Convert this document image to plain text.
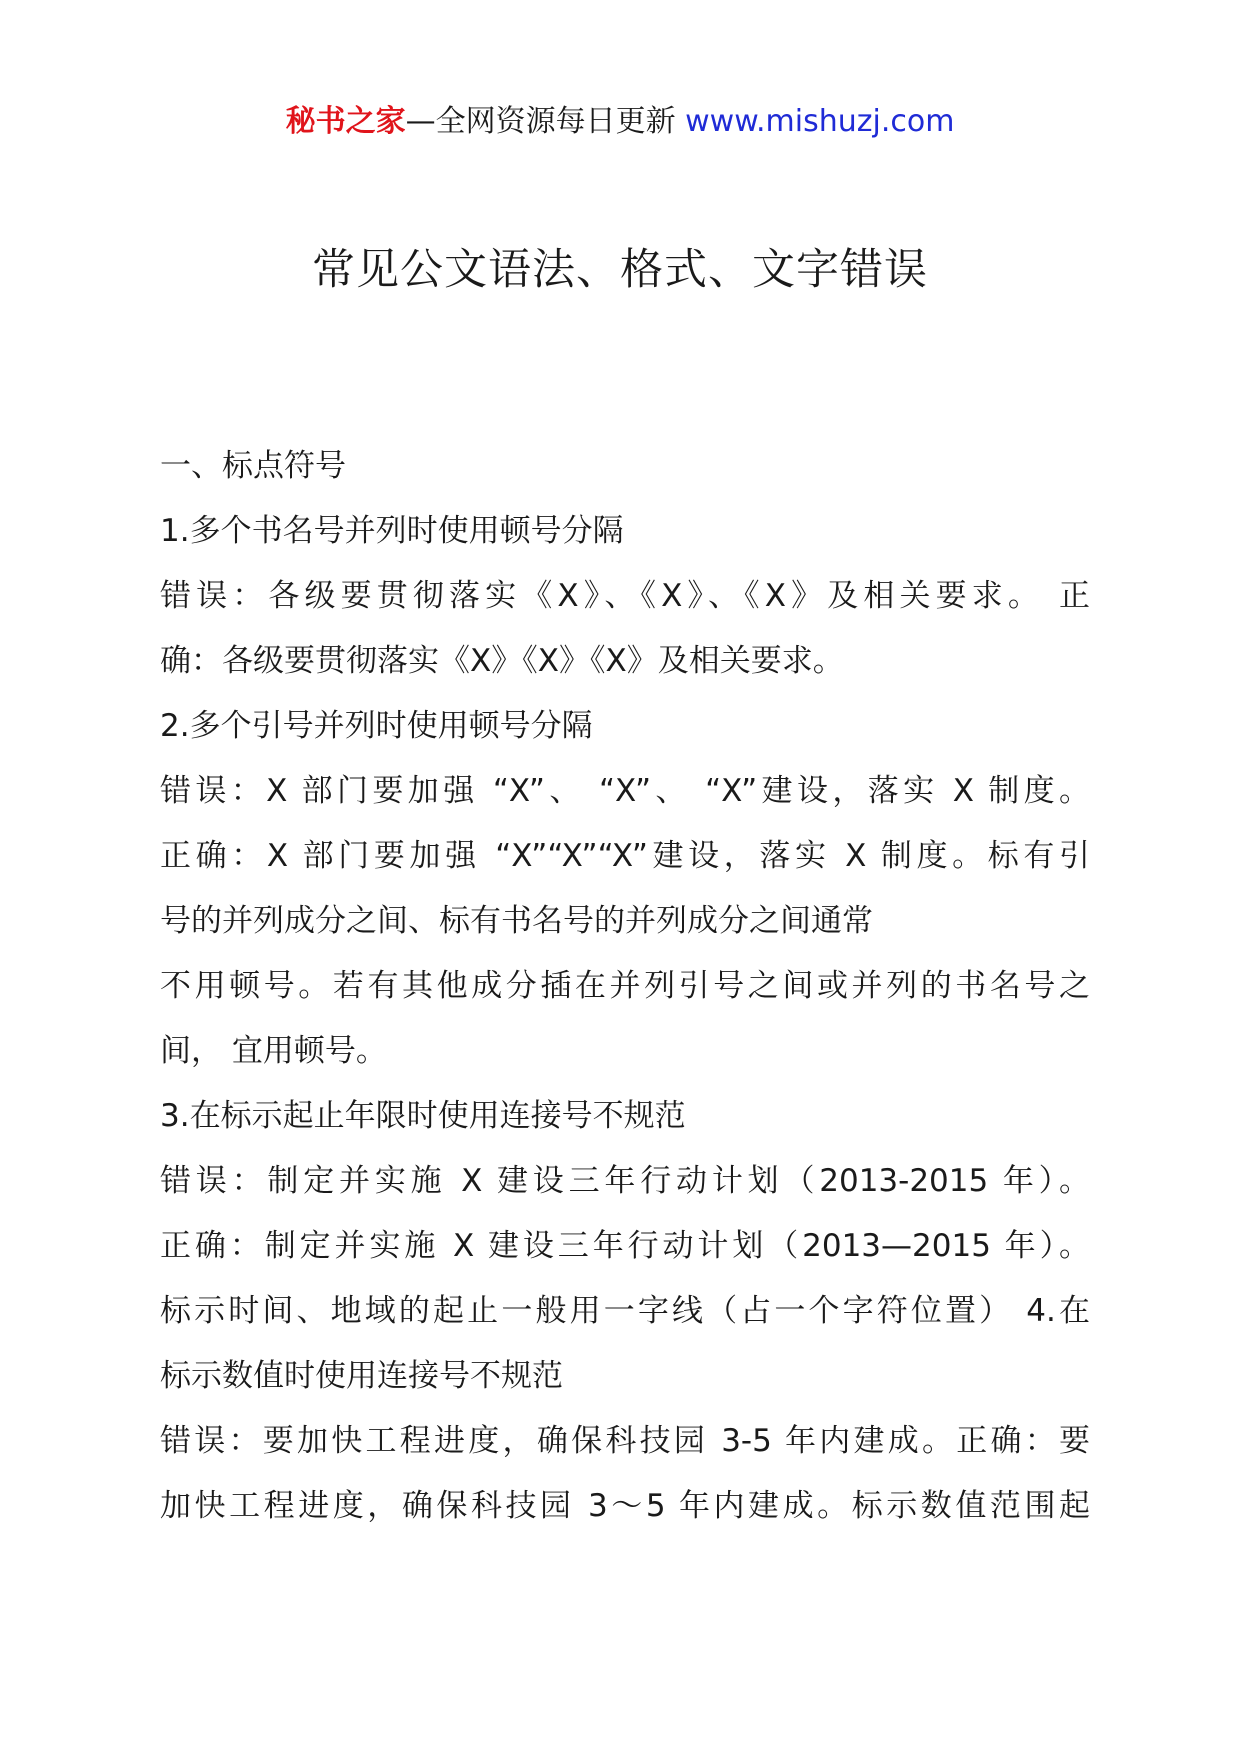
秘书之家—全网资源每日更新 www.mishuzj.com
常见公文语法、格式、文字错误
一、标点符号
1.多个书名号并列时使用顿号分隔
错误：各级要贯彻落实《X》、《X》、《X》及相关要求。 正
确：各级要贯彻落实《X》《X》《X》及相关要求。
2.多个引号并列时使用顿号分隔
错误：X 部门要加强 “X”、 “X”、 “X”建设，落实 X 制度。
正确：X 部门要加强 “X”“X”“X”建设，落实 X 制度。标有引
号的并列成分之间、标有书名号的并列成分之间通常
不用顿号。若有其他成分插在并列引号之间或并列的书名号之
间， 宜用顿号。
3.在标示起止年限时使用连接号不规范
错误：制定并实施 X 建设三年行动计划（2013-2015 年）。
正确：制定并实施 X 建设三年行动计划（2013—2015 年）。
标示时间、地域的起止一般用一字线（占一个字符位置） 4.在
标示数值时使用连接号不规范
错误：要加快工程进度，确保科技园 3-5 年内建成。正确：要
加快工程进度，确保科技园 3～5 年内建成。标示数值范围起
